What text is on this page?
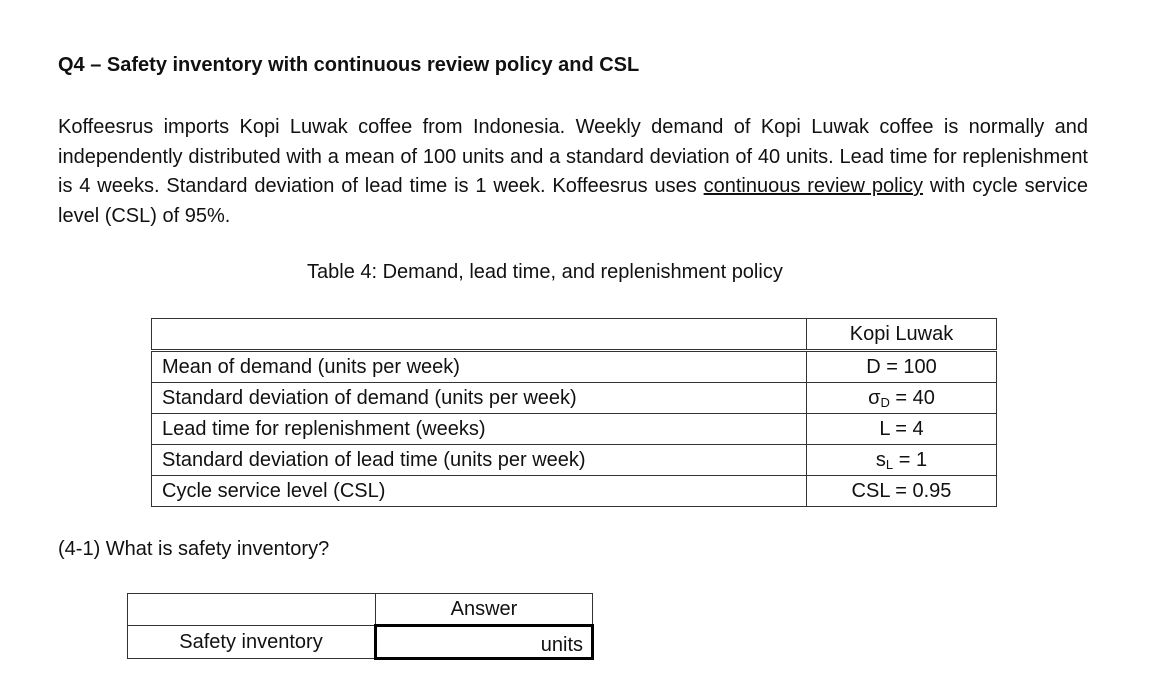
Q4 – Safety inventory with continuous review policy and CSL
Koffeesrus imports Kopi Luwak coffee from Indonesia. Weekly demand of Kopi Luwak coffee is normally and independently distributed with a mean of 100 units and a standard deviation of 40 units. Lead time for replenishment is 4 weeks. Standard deviation of lead time is 1 week. Koffeesrus uses continuous review policy with cycle service level (CSL) of 95%.
Table 4: Demand, lead time, and replenishment policy
	Kopi Luwak
Mean of demand (units per week)	D = 100
Standard deviation of demand (units per week)	$\sigma_D = 40$
Lead time for replenishment (weeks)	L = 4
Standard deviation of lead time (units per week)	$s_L = 1$
Cycle service level (CSL)	CSL = 0.95
(4-1) What is safety inventory?
	Answer
Safety inventory	units
